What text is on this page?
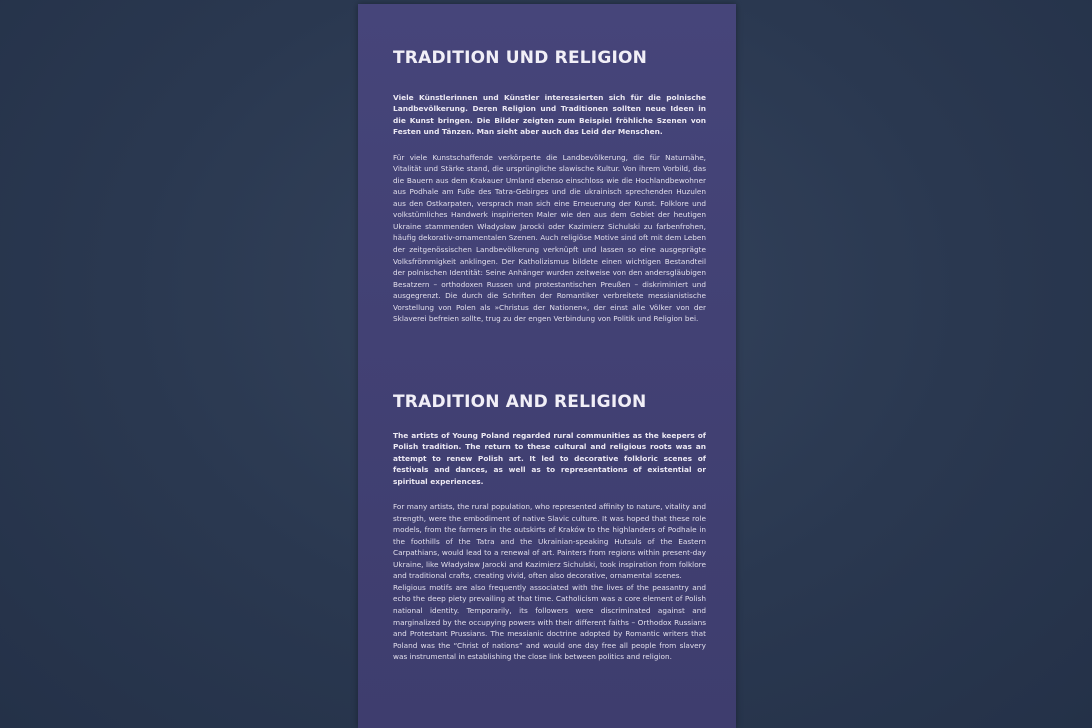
TRADITION UND RELIGION

Viele Künstlerinnen und Künstler interessierten sich für die polnische Landbevölkerung. Deren Religion und Traditionen sollten neue Ideen in die Kunst bringen. Die Bilder zeigten zum Beispiel fröhliche Szenen von Festen und Tänzen. Man sieht aber auch das Leid der Menschen.

Für viele Kunstschaffende verkörperte die Landbevölkerung, die für Naturnähe, Vitalität und Stärke stand, die ursprüngliche slawische Kultur. Von ihrem Vorbild, das die Bauern aus dem Krakauer Umland ebenso einschloss wie die Hochlandbewohner aus Podhale am Fuße des Tatra-Gebirges und die ukrainisch sprechenden Huzulen aus den Ostkarpaten, versprach man sich eine Erneuerung der Kunst. Folklore und volkstümliches Handwerk inspirierten Maler wie den aus dem Gebiet der heutigen Ukraine stammenden Władysław Jarocki oder Kazimierz Sichulski zu farbenfrohen, häufig dekorativ-ornamentalen Szenen. Auch religiöse Motive sind oft mit dem Leben der zeitgenössischen Landbevölkerung verknüpft und lassen so eine ausgeprägte Volksfrömmigkeit anklingen. Der Katholizismus bildete einen wichtigen Bestandteil der polnischen Identität: Seine Anhänger wurden zeitweise von den andersgläubigen Besatzern – orthodoxen Russen und protestantischen Preußen – diskriminiert und ausgegrenzt. Die durch die Schriften der Romantiker verbreitete messianistische Vorstellung von Polen als »Christus der Nationen«, der einst alle Völker von der Sklaverei befreien sollte, trug zu der engen Verbindung von Politik und Religion bei.

TRADITION AND RELIGION

The artists of Young Poland regarded rural communities as the keepers of Polish tradition. The return to these cultural and religious roots was an attempt to renew Polish art. It led to decorative folkloric scenes of festivals and dances, as well as to representations of existential or spiritual experiences.

For many artists, the rural population, who represented affinity to nature, vitality and strength, were the embodiment of native Slavic culture. It was hoped that these role models, from the farmers in the outskirts of Kraków to the highlanders of Podhale in the foothills of the Tatra and the Ukrainian-speaking Hutsuls of the Eastern Carpathians, would lead to a renewal of art. Painters from regions within present-day Ukraine, like Władysław Jarocki and Kazimierz Sichulski, took inspiration from folklore and traditional crafts, creating vivid, often also decorative, ornamental scenes.

Religious motifs are also frequently associated with the lives of the peasantry and echo the deep piety prevailing at that time. Catholicism was a core element of Polish national identity. Temporarily, its followers were discriminated against and marginalized by the occupying powers with their different faiths – Orthodox Russians and Protestant Prussians. The messianic doctrine adopted by Romantic writers that Poland was the “Christ of nations” and would one day free all people from slavery was instrumental in establishing the close link between politics and religion.
